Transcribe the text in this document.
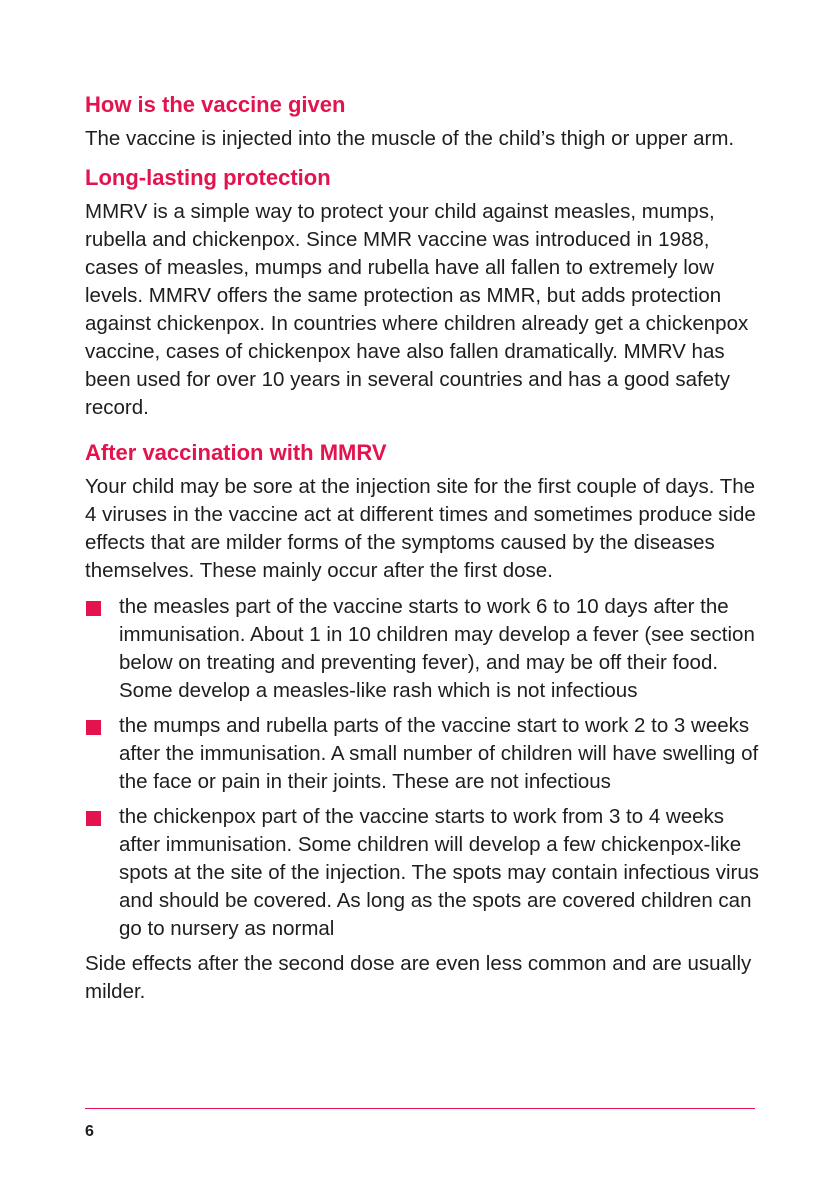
How is the vaccine given

The vaccine is injected into the muscle of the child’s thigh or upper arm.

Long-lasting protection

MMRV is a simple way to protect your child against measles, mumps, rubella and chickenpox. Since MMR vaccine was introduced in 1988, cases of measles, mumps and rubella have all fallen to extremely low levels. MMRV offers the same protection as MMR, but adds protection against chickenpox. In countries where children already get a chickenpox vaccine, cases of chickenpox have also fallen dramatically. MMRV has been used for over 10 years in several countries and has a good safety record.

After vaccination with MMRV

Your child may be sore at the injection site for the first couple of days. The 4 viruses in the vaccine act at different times and sometimes produce side effects that are milder forms of the symptoms caused by the diseases themselves. These mainly occur after the first dose.

the measles part of the vaccine starts to work 6 to 10 days after the immunisation. About 1 in 10 children may develop a fever (see section below on treating and preventing fever), and may be off their food. Some develop a measles-like rash which is not infectious
the mumps and rubella parts of the vaccine start to work 2 to 3 weeks after the immunisation. A small number of children will have swelling of the face or pain in their joints. These are not infectious
the chickenpox part of the vaccine starts to work from 3 to 4 weeks after immunisation. Some children will develop a few chickenpox-like spots at the site of the injection. The spots may contain infectious virus and should be covered. As long as the spots are covered children can go to nursery as normal

Side effects after the second dose are even less common and are usually milder.

6
